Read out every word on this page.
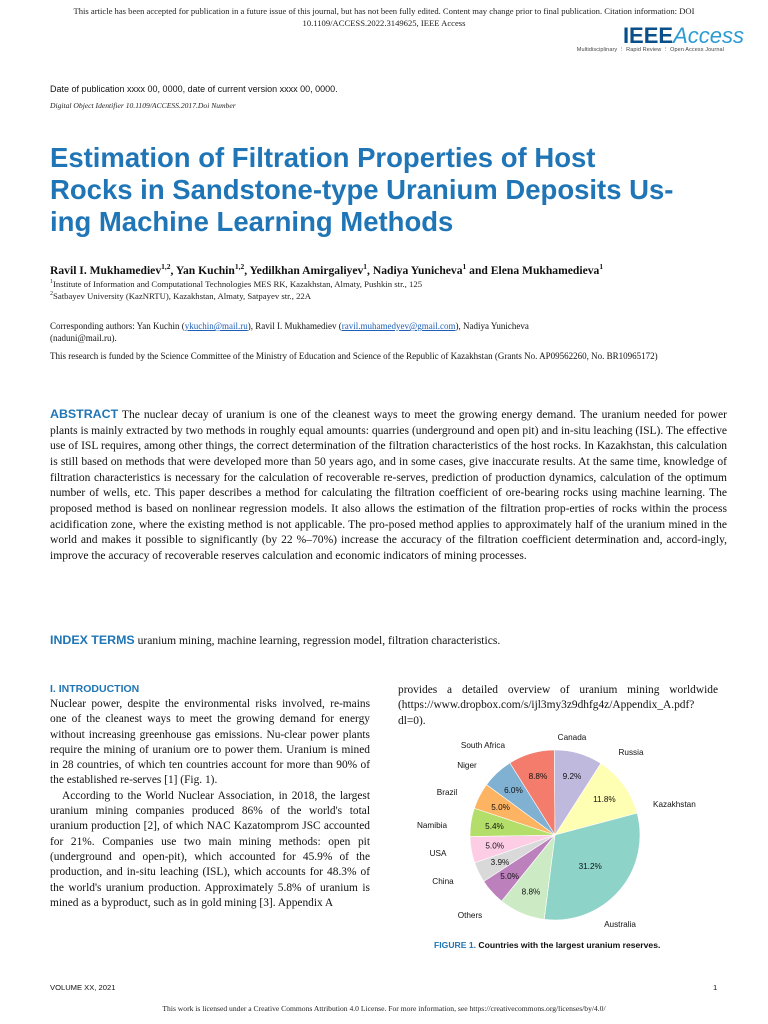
This article has been accepted for publication in a future issue of this journal, but has not been fully edited. Content may change prior to final publication. Citation information: DOI
10.1109/ACCESS.2022.3149625, IEEE Access	IEEEAccess
Multidisciplinary ⋮ Rapid Review ⋮ Open Access Journal
Date of publication xxxx 00, 0000, date of current version xxxx 00, 0000.
Digital Object Identifier 10.1109/ACCESS.2017.Doi Number
Estimation of Filtration Properties of Host
Rocks in Sandstone-type Uranium Deposits Us-
ing Machine Learning Methods
Ravil I. Mukhamediev$^{1,2}$, Yan Kuchin$^{1,2}$, Yedilkhan Amirgaliyev$^1$, Nadiya Yunicheva$^1$ and Elena Mukhamedieva$^1$
$^1$Institute of Information and Computational Technologies MES RK, Kazakhstan, Almaty, Pushkin str., 125
$^2$Satbayev University (KazNRTU), Kazakhstan, Almaty, Satpayev str., 22A
Corresponding authors: Yan Kuchin (ykuchin@mail.ru), Ravil I. Mukhamediev (ravil.muhamedyev@gmail.com), Nadiya Yunicheva
(naduni@mail.ru).
This research is funded by the Science Committee of the Ministry of Education and Science of the Republic of Kazakhstan (Grants No. AP09562260, No. BR10965172)
ABSTRACT The nuclear decay of uranium is one of the cleanest ways to meet the growing energy demand. The uranium needed for power plants is mainly extracted by two methods in roughly equal amounts: quarries (underground and open pit) and in-situ leaching (ISL). The effective use of ISL requires, among other things, the correct determination of the filtration characteristics of the host rocks. In Kazakhstan, this calculation is still based on methods that were developed more than 50 years ago, and in some cases, give inaccurate results. At the same time, knowledge of filtration characteristics is necessary for the calculation of recoverable re-serves, prediction of production dynamics, calculation of the optimum number of wells, etc. This paper describes a method for calculating the filtration coefficient of ore-bearing rocks using machine learning. The proposed method is based on nonlinear regression models. It also allows the estimation of the filtration prop-erties of rocks within the process acidification zone, where the existing method is not applicable. The pro-posed method applies to approximately half of the uranium mined in the world and makes it possible to significantly (by 22 %–70%) increase the accuracy of the filtration coefficient determination and, accord-ingly, improve the accuracy of recoverable reserves calculation and economic indicators of mining processes.
INDEX TERMS uranium mining, machine learning, regression model, filtration characteristics.
I. INTRODUCTION

Nuclear power, despite the environmental risks involved, re-mains one of the cleanest ways to meet the growing demand for energy without increasing greenhouse gas emissions. Nu-clear power plants require the mining of uranium ore to power them. Uranium is mined in 28 countries, of which ten countries account for more than 90% of the established re-serves [1] (Fig. 1).

According to the World Nuclear Association, in 2018, the largest uranium mining companies produced 86% of the world's total uranium production [2], of which NAC Kazatomprom JSC accounted for 21%. Companies use two main mining methods: open pit (underground and open-pit), which accounted for 45.9% of the production, and in-situ leaching (ISL), which accounts for 48.3% of the world's uranium production. Approximately 5.8% of uranium is mined as a byproduct, such as in gold mining [3]. Appendix A

provides a detailed overview of uranium mining worldwide (https://www.dropbox.com/s/ijl3my3z9dhfg4z/Appendix_A.pdf?dl=0).
8.8%
Canada
9.2%
Russia
11.8%
Kazakhstan
31.2%
Australia
8.8%
Others
5.0%
China
3.9%
USA
5.0%
Namibia	5.4%
Brazil
5.0%
Niger
6.0%
South Africa
FIGURE 1. Countries with the largest uranium reserves.
VOLUME XX, 2021	1
This work is licensed under a Creative Commons Attribution 4.0 License. For more information, see https://creativecommons.org/licenses/by/4.0/
